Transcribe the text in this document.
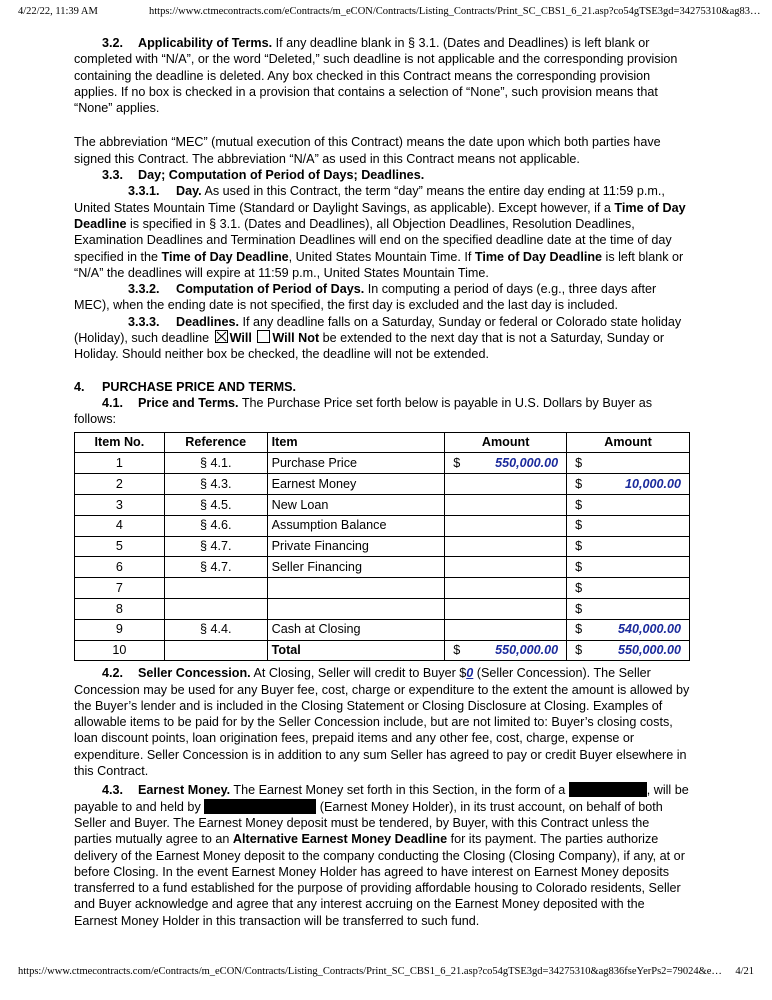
4/22/22, 11:39 AM	https://www.ctmecontracts.com/eContracts/m_eCON/Contracts/Listing_Contracts/Print_SC_CBS1_6_21.asp?co54gTSE3gd=34275310&ag83…

3.2. Applicability of Terms. If any deadline blank in § 3.1. (Dates and Deadlines) is left blank or completed with “N/A”, or the word “Deleted,” such deadline is not applicable and the corresponding provision containing the deadline is deleted. Any box checked in this Contract means the corresponding provision applies. If no box is checked in a provision that contains a selection of “None”, such provision means that “None” applies.

The abbreviation “MEC” (mutual execution of this Contract) means the date upon which both parties have signed this Contract. The abbreviation “N/A” as used in this Contract means not applicable.

3.3. Day; Computation of Period of Days; Deadlines.

3.3.1. Day. As used in this Contract, the term “day” means the entire day ending at 11:59 p.m., United States Mountain Time (Standard or Daylight Savings, as applicable). Except however, if a Time of Day Deadline is specified in § 3.1. (Dates and Deadlines), all Objection Deadlines, Resolution Deadlines, Examination Deadlines and Termination Deadlines will end on the specified deadline date at the time of day specified in the Time of Day Deadline, United States Mountain Time. If Time of Day Deadline is left blank or “N/A” the deadlines will expire at 11:59 p.m., United States Mountain Time.

3.3.2. Computation of Period of Days. In computing a period of days (e.g., three days after MEC), when the ending date is not specified, the first day is excluded and the last day is included.

3.3.3. Deadlines. If any deadline falls on a Saturday, Sunday or federal or Colorado state holiday (Holiday), such deadline Will Will Not be extended to the next day that is not a Saturday, Sunday or Holiday. Should neither box be checked, the deadline will not be extended.

4. PURCHASE PRICE AND TERMS.

4.1. Price and Terms. The Purchase Price set forth below is payable in U.S. Dollars by Buyer as follows:

Item No.	Reference	Item	Amount	Amount
1	§ 4.1.	Purchase Price	$ 550,000.00	$

2	§ 4.3.	Earnest Money		$ 10,000.00

3	§ 4.5.	New Loan		$

4	§ 4.6.	Assumption Balance		$

5	§ 4.7.	Private Financing		$

6	§ 4.7.	Seller Financing		$

7				$

8				$

9	§ 4.4.	Cash at Closing		$ 540,000.00

10		Total	$ 550,000.00	$ 550,000.00

4.2. Seller Concession. At Closing, Seller will credit to Buyer $0 (Seller Concession). The Seller Concession may be used for any Buyer fee, cost, charge or expenditure to the extent the amount is allowed by the Buyer’s lender and is included in the Closing Statement or Closing Disclosure at Closing. Examples of allowable items to be paid for by the Seller Concession include, but are not limited to: Buyer’s closing costs, loan discount points, loan origination fees, prepaid items and any other fee, cost, charge, expense or expenditure. Seller Concession is in addition to any sum Seller has agreed to pay or credit Buyer elsewhere in this Contract.

4.3. Earnest Money. The Earnest Money set forth in this Section, in the form of a	, will be payable to and held by	(Earnest Money Holder), in its trust account, on behalf of both Seller and Buyer. The Earnest Money deposit must be tendered, by Buyer, with this Contract unless the parties mutually agree to an Alternative Earnest Money Deadline for its payment. The parties authorize delivery of the Earnest Money deposit to the company conducting the Closing (Closing Company), if any, at or before Closing. In the event Earnest Money Holder has agreed to have interest on Earnest Money deposits transferred to a fund established for the purpose of providing affordable housing to Colorado residents, Seller and Buyer acknowledge and agree that any interest accruing on the Earnest Money deposited with the Earnest Money Holder in this transaction will be transferred to such fund.

https://www.ctmecontracts.com/eContracts/m_eCON/Contracts/Listing_Contracts/Print_SC_CBS1_6_21.asp?co54gTSE3gd=34275310&ag836fseYerPs2=79024&e… 4/21
